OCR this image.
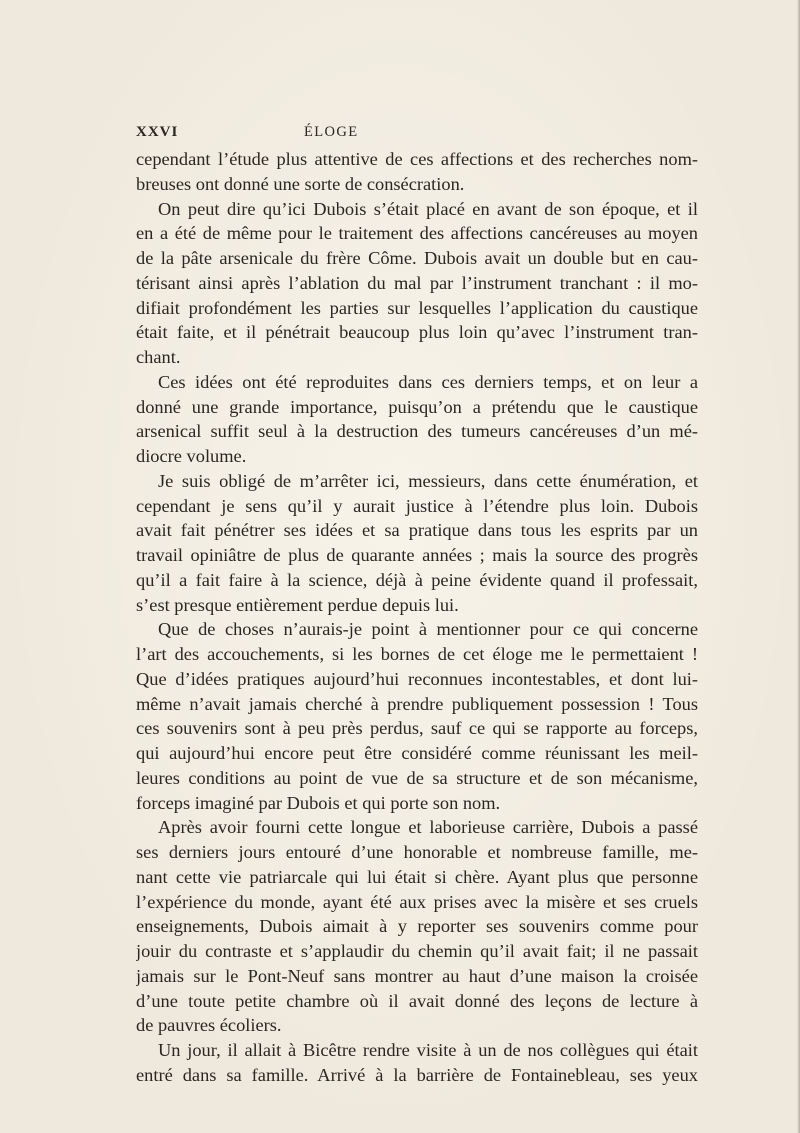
XXVI	ÉLOGE
cependant l’étude plus attentive de ces affections et des recherches nom-
breuses ont donné une sorte de consécration.
On peut dire qu’ici Dubois s’était placé en avant de son époque, et il
en a été de même pour le traitement des affections cancéreuses au moyen
de la pâte arsenicale du frère Côme. Dubois avait un double but en cau-
térisant ainsi après l’ablation du mal par l’instrument tranchant : il mo-
difiait profondément les parties sur lesquelles l’application du caustique
était faite, et il pénétrait beaucoup plus loin qu’avec l’instrument tran-
chant.
Ces idées ont été reproduites dans ces derniers temps, et on leur a
donné une grande importance, puisqu’on a prétendu que le caustique
arsenical suffit seul à la destruction des tumeurs cancéreuses d’un mé-
diocre volume.
Je suis obligé de m’arrêter ici, messieurs, dans cette énumération, et
cependant je sens qu’il y aurait justice à l’étendre plus loin. Dubois
avait fait pénétrer ses idées et sa pratique dans tous les esprits par un
travail opiniâtre de plus de quarante années ; mais la source des progrès
qu’il a fait faire à la science, déjà à peine évidente quand il professait,
s’est presque entièrement perdue depuis lui.
Que de choses n’aurais-je point à mentionner pour ce qui concerne
l’art des accouchements, si les bornes de cet éloge me le permettaient !
Que d’idées pratiques aujourd’hui reconnues incontestables, et dont lui-
même n’avait jamais cherché à prendre publiquement possession ! Tous
ces souvenirs sont à peu près perdus, sauf ce qui se rapporte au forceps,
qui aujourd’hui encore peut être considéré comme réunissant les meil-
leures conditions au point de vue de sa structure et de son mécanisme,
forceps imaginé par Dubois et qui porte son nom.
Après avoir fourni cette longue et laborieuse carrière, Dubois a passé
ses derniers jours entouré d’une honorable et nombreuse famille, me-
nant cette vie patriarcale qui lui était si chère. Ayant plus que personne
l’expérience du monde, ayant été aux prises avec la misère et ses cruels
enseignements, Dubois aimait à y reporter ses souvenirs comme pour
jouir du contraste et s’applaudir du chemin qu’il avait fait; il ne passait
jamais sur le Pont-Neuf sans montrer au haut d’une maison la croisée
d’une toute petite chambre où il avait donné des leçons de lecture à
de pauvres écoliers.
Un jour, il allait à Bicêtre rendre visite à un de nos collègues qui était
entré dans sa famille. Arrivé à la barrière de Fontainebleau, ses yeux
